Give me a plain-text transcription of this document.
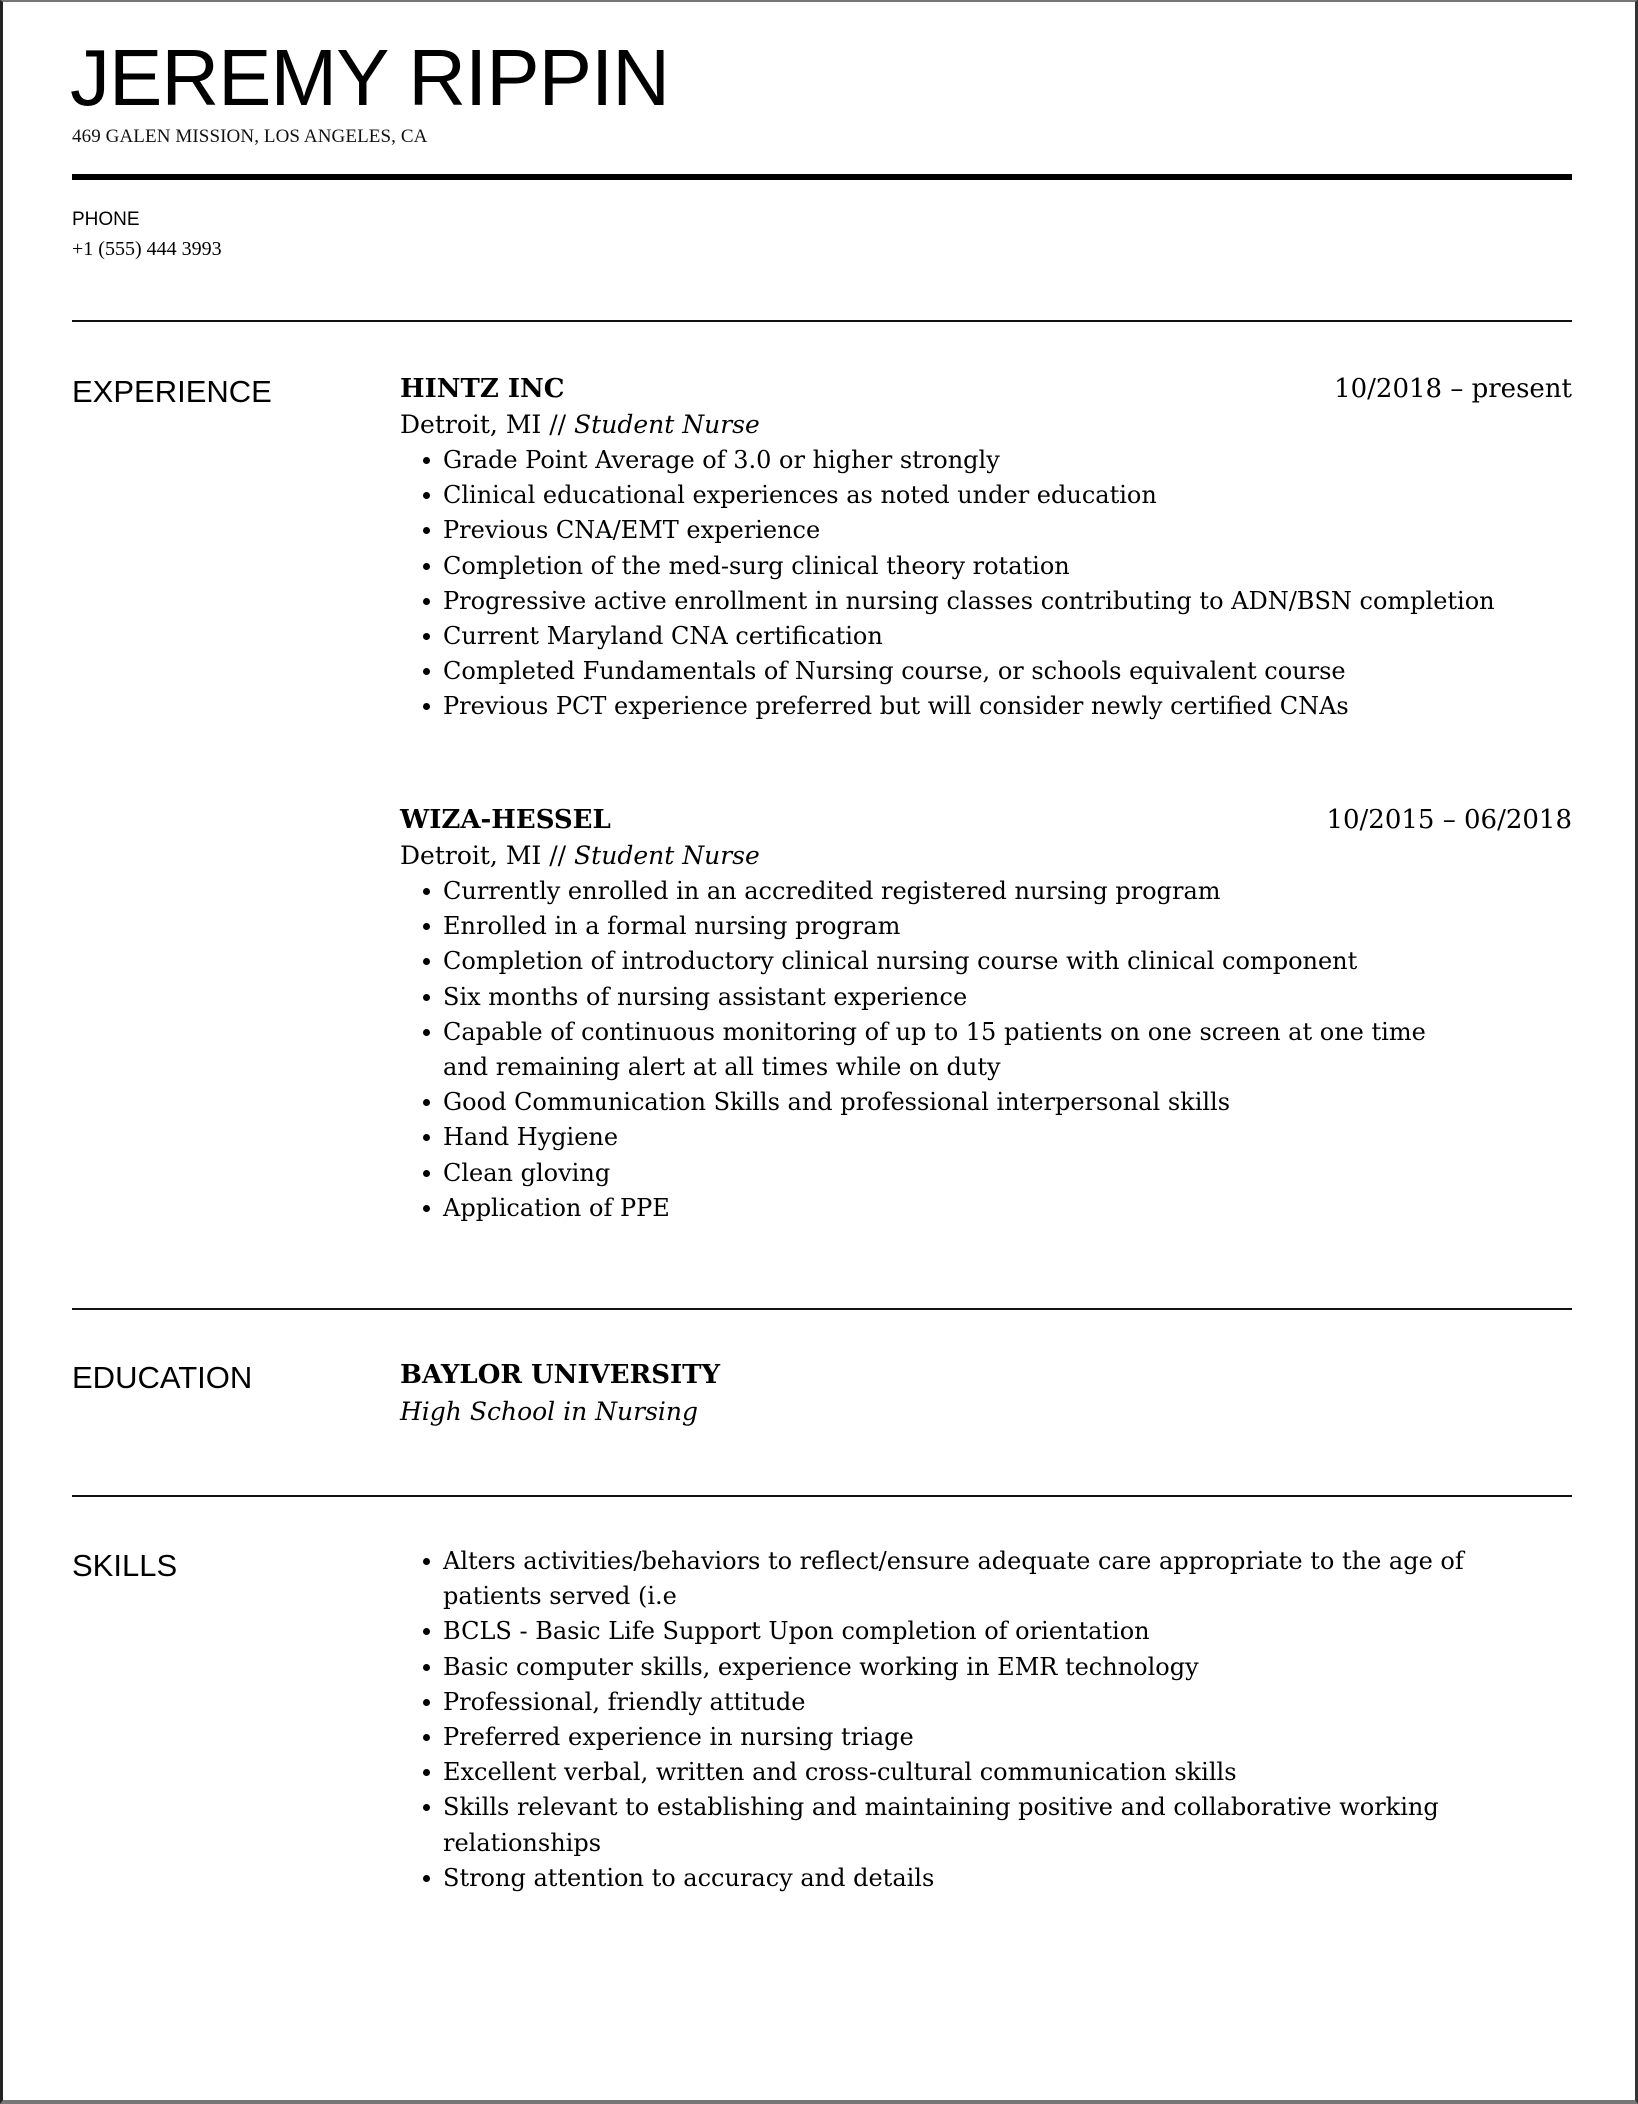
JEREMY RIPPIN
469 GALEN MISSION, LOS ANGELES, CA
PHONE
+1 (555) 444 3993
EXPERIENCE	HINTZ INC	10/2018 – present
Detroit, MI // Student Nurse
Grade Point Average of 3.0 or higher strongly
Clinical educational experiences as noted under education
Previous CNA/EMT experience
Completion of the med-surg clinical theory rotation
Progressive active enrollment in nursing classes contributing to ADN/BSN completion
Current Maryland CNA certification
Completed Fundamentals of Nursing course, or schools equivalent course
Previous PCT experience preferred but will consider newly certified CNAs
WIZA-HESSEL	10/2015 – 06/2018
Detroit, MI // Student Nurse
Currently enrolled in an accredited registered nursing program
Enrolled in a formal nursing program
Completion of introductory clinical nursing course with clinical component
Six months of nursing assistant experience
Capable of continuous monitoring of up to 15 patients on one screen at one time and remaining alert at all times while on duty
Good Communication Skills and professional interpersonal skills
Hand Hygiene
Clean gloving
Application of PPE
EDUCATION	BAYLOR UNIVERSITY
High School in Nursing
SKILLS	Alters activities/behaviors to reflect/ensure adequate care appropriate to the age of patients served (i.e
BCLS - Basic Life Support Upon completion of orientation
Basic computer skills, experience working in EMR technology
Professional, friendly attitude
Preferred experience in nursing triage
Excellent verbal, written and cross-cultural communication skills
Skills relevant to establishing and maintaining positive and collaborative working relationships
Strong attention to accuracy and details
